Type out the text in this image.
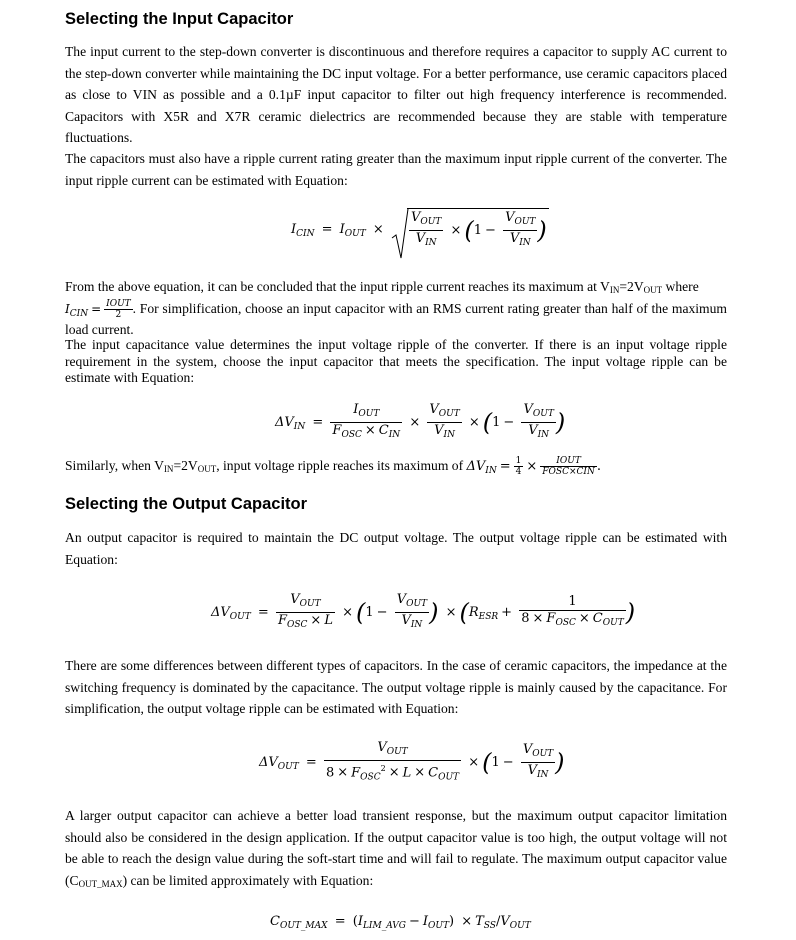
Selecting the Input Capacitor

The input current to the step-down converter is discontinuous and therefore requires a capacitor to supply AC current to the step-down converter while maintaining the DC input voltage. For a better performance, use ceramic capacitors placed as close to VIN as possible and a 0.1µF input capacitor to filter out high frequency interference is recommended. Capacitors with X5R and X7R ceramic dielectrics are recommended because they are stable with temperature fluctuations.

The capacitors must also have a ripple current rating greater than the maximum input ripple current of the converter. The input ripple current can be estimated with Equation:

$I_{CIN} = I_{OUT}$ ×
$V_{OUT}$
$V_{IN}$
× (1 −
$V_{OUT}$
$V_{IN}$ )
From the above equation, it can be concluded that the input ripple current reaches its maximum at VIN=2VOUT where
$I_{CIN}$ = IOUT
2 . For simplification, choose an input capacitor with an RMS current rating greater than half of the maximum load current.

The input capacitance value determines the input voltage ripple of the converter. If there is an input voltage ripple requirement in the system, choose the input capacitor that meets the specification. The input voltage ripple can be estimate with Equation:

$\Delta V_{IN}$ =
$I_{OUT}$
$F_{OSC} \times C_{IN}$
×
$V_{OUT}$
$V_{IN}$
× (1 −
$V_{OUT}$
$V_{IN}$ )
Similarly, when VIN=2VOUT, input voltage ripple reaches its maximum of $\Delta V_{IN} = \frac{1}{4}$ ×	IOUT
FOSC×CIN .
Selecting the Output Capacitor

An output capacitor is required to maintain the DC output voltage. The output voltage ripple can be estimated with Equation:

$\Delta V_{OUT}$ =
$V_{OUT}$
$F_{OSC} \times L$
× (1 −
$V_{OUT}$
$V_{IN}$ ) × ($R_{ESR}$ +
1
$8 \times F_{OSC} \times C_{OUT}$ )

There are some differences between different types of capacitors. In the case of ceramic capacitors, the impedance at the switching frequency is dominated by the capacitance. The output voltage ripple is mainly caused by the capacitance. For simplification, the output voltage ripple can be estimated with Equation:

$\Delta V_{OUT}$ =
$V_{OUT}$
$8 \times F_{OSC}^2 \times L \times C_{OUT}$
× (1 −
$V_{OUT}$
$V_{IN}$ )
A larger output capacitor can achieve a better load transient response, but the maximum output capacitor limitation should also be considered in the design application. If the output capacitor value is too high, the output voltage will not be able to reach the design value during the soft-start time and will fail to regulate. The maximum output capacitor value (COUT_MAX) can be limited approximately with Equation:
$C_{OUT\_MAX} = (I_{LIM\_AVG} - I_{OUT}) \times T_{SS}/V_{OUT}$
